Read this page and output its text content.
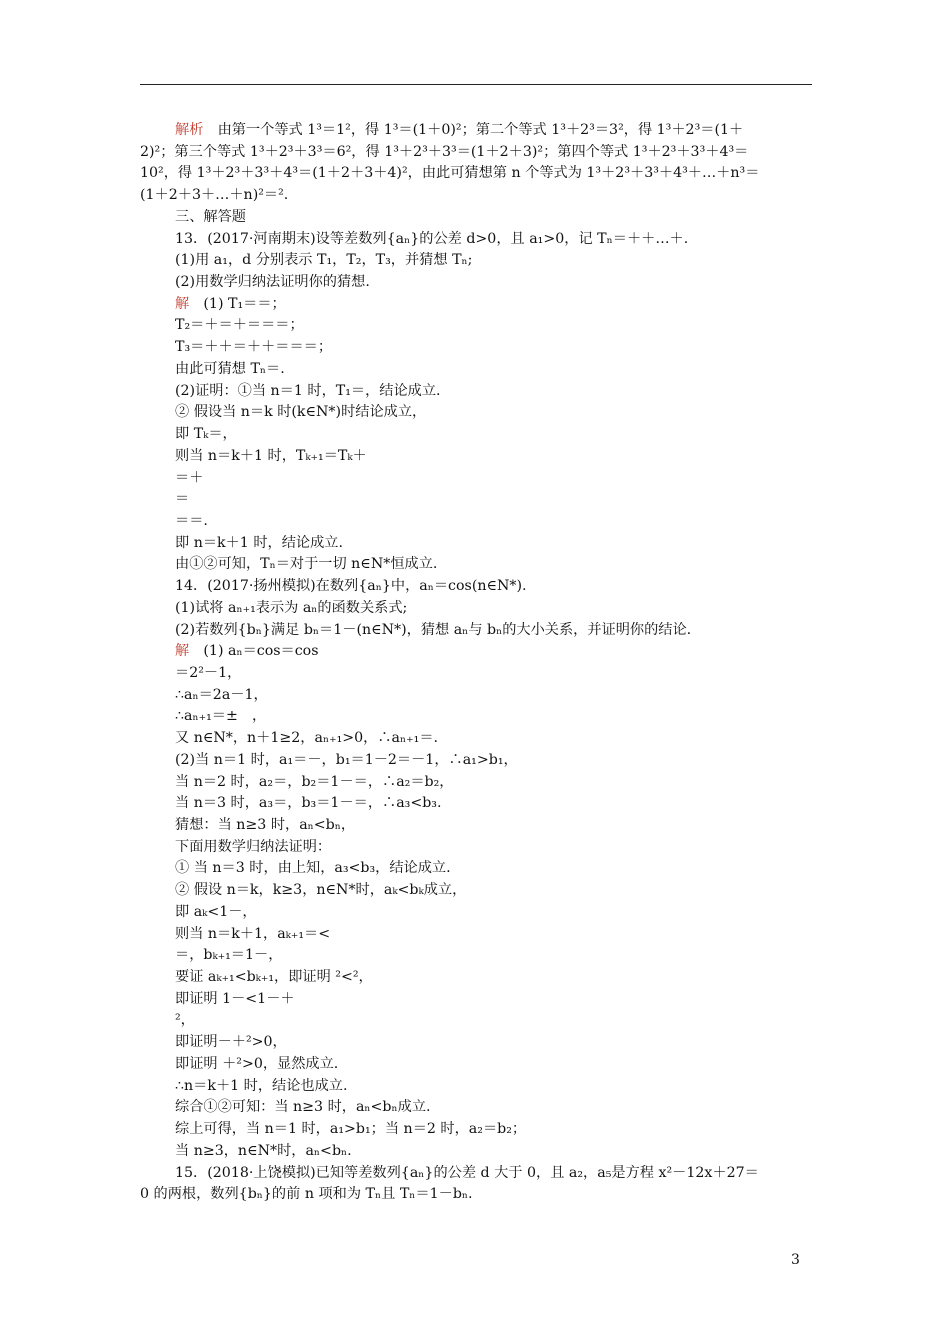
解析　由第一个等式 1³＝1²，得 1³＝(1＋0)²；第二个等式 1³＋2³＝3²，得 1³＋2³＝(1＋
2)²；第三个等式 1³＋2³＋3³＝6²，得 1³＋2³＋3³＝(1＋2＋3)²；第四个等式 1³＋2³＋3³＋4³＝
10²，得 1³＋2³＋3³＋4³＝(1＋2＋3＋4)²，由此可猜想第 n 个等式为 1³＋2³＋3³＋4³＋…＋n³＝
(1＋2＋3＋…＋n)²＝².
三、解答题
13．(2017·河南期末)设等差数列{aₙ}的公差 d>0，且 a₁>0，记 Tₙ＝＋＋…＋.
(1)用 a₁，d 分别表示 T₁，T₂，T₃，并猜想 Tₙ;
(2)用数学归纳法证明你的猜想.
解　(1) T₁＝＝；
T₂＝＋＝＋＝＝＝；
T₃＝＋＋＝＋＋＝＝＝；
由此可猜想 Tₙ＝.
(2)证明：①当 n＝1 时，T₁＝，结论成立.
② 假设当 n＝k 时(k∈N*)时结论成立，
即 Tₖ＝，
则当 n＝k＋1 时，Tₖ₊₁＝Tₖ＋
＝＋
＝
＝＝.
即 n＝k＋1 时，结论成立.
由①②可知，Tₙ＝对于一切 n∈N*恒成立.
14．(2017·扬州模拟)在数列{aₙ}中，aₙ＝cos(n∈N*).
(1)试将 aₙ₊₁表示为 aₙ的函数关系式;
(2)若数列{bₙ}满足 bₙ＝1－(n∈N*)，猜想 aₙ与 bₙ的大小关系，并证明你的结论.
解　(1) aₙ＝cos＝cos
＝2²－1，
∴aₙ＝2a－1，
∴aₙ₊₁＝±　，
又 n∈N*，n＋1≥2，aₙ₊₁>0，∴aₙ₊₁＝.
(2)当 n＝1 时，a₁＝－，b₁＝1－2＝－1，∴a₁>b₁，
当 n＝2 时，a₂＝，b₂＝1－＝，∴a₂＝b₂，
当 n＝3 时，a₃＝，b₃＝1－＝，∴a₃<b₃.
猜想：当 n≥3 时，aₙ<bₙ，
下面用数学归纳法证明：
① 当 n＝3 时，由上知，a₃<b₃，结论成立.
② 假设 n＝k，k≥3，n∈N*时，aₖ<bₖ成立，
即 aₖ<1－，
则当 n＝k＋1，aₖ₊₁＝<
＝，bₖ₊₁＝1－，
要证 aₖ₊₁<bₖ₊₁，即证明 ²<²，
即证明 1－<1－＋
²，
即证明－＋²>0，
即证明 ＋²>0，显然成立.
∴n＝k＋1 时，结论也成立.
综合①②可知：当 n≥3 时，aₙ<bₙ成立.
综上可得，当 n＝1 时，a₁>b₁；当 n＝2 时，a₂＝b₂；
当 n≥3，n∈N*时，aₙ<bₙ.
15．(2018·上饶模拟)已知等差数列{aₙ}的公差 d 大于 0，且 a₂，a₅是方程 x²－12x＋27＝
0 的两根，数列{bₙ}的前 n 项和为 Tₙ且 Tₙ＝1－bₙ.
3
